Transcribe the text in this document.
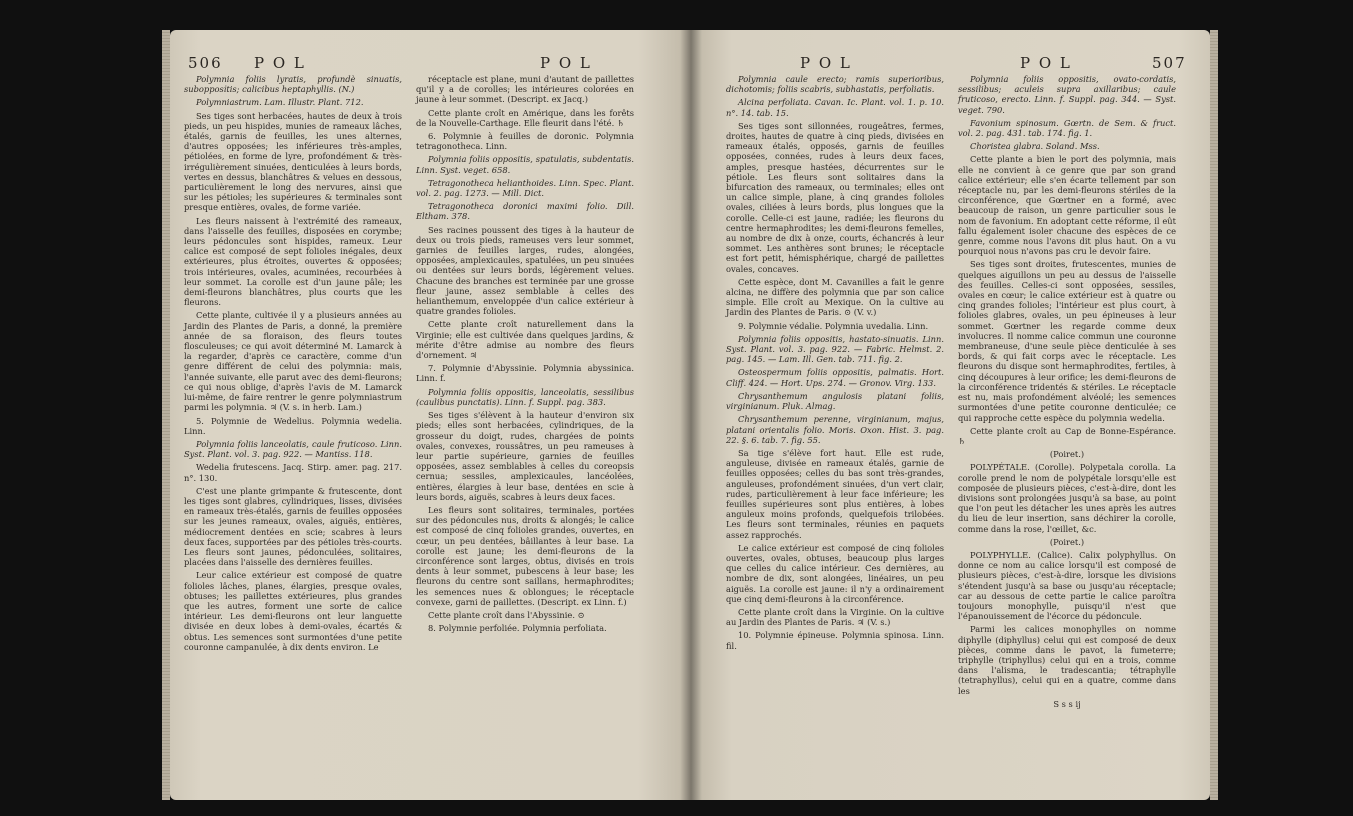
506 P O L	P O L

Polymnia foliis lyratis, profundè sinuatis, subopposi̇tis; calicibus heptaphyllis. (N.)

Polymniastrum. Lam. Illustr. Plant. 712.

Ses tiges sont herbacées, hautes de deux à trois pieds, un peu hispides, munies de rameaux lâches, étalés, garnis de feuilles, les unes alternes, d'autres opposées; les inférieures très-amples, pétiolées, en forme de lyre, profondément & très-irrégulièrement sinuées, denticulées à leurs bords, vertes en dessus, blanchâtres & velues en dessous, particulièrement le long des nervures, ainsi que sur les pétioles; les supérieures & terminales sont presque entières, ovales, de forme variée.

Les fleurs naissent à l'extrémité des rameaux, dans l'aisselle des feuilles, disposées en corymbe; leurs pédoncules sont hispides, rameux. Leur calice est composé de sept folioles inégales, deux extérieures, plus étroites, ouvertes & opposées; trois intérieures, ovales, acuminées, recourbées à leur sommet. La corolle est d'un jaune pâle; les demi-fleurons blanchâtres, plus courts que les fleurons.

Cette plante, cultivée il y a plusieurs années au Jardin des Plantes de Paris, a donné, la première année de sa floraison, des fleurs toutes flosculeuses; ce qui avoit déterminé M. Lamarck à la regarder, d'après ce caractère, comme d'un genre différent de celui des polymnia: mais, l'année suivante, elle parut avec des demi-fleurons; ce qui nous oblige, d'après l'avis de M. Lamarck lui-même, de faire rentrer le genre polymniastrum parmi les polymnia. ♃ (V. s. in herb. Lam.)

5. Polymnie de Wedelius. Polymnia wedelia. Linn.

Polymnia foliis lanceolatis, caule fruticoso. Linn. Syst. Plant. vol. 3. pag. 922. — Mantiss. 118.

Wedelia frutescens. Jacq. Stirp. amer. pag. 217. n°. 130.

C'est une plante grimpante & frutescente, dont les tiges sont glabres, cylindriques, lisses, divisées en rameaux très-étalés, garnis de feuilles opposées sur les jeunes rameaux, ovales, aiguës, entières, médiocrement dentées en scie; scabres à leurs deux faces, supportées par des pétioles très-courts. Les fleurs sont jaunes, pédonculées, solitaires, placées dans l'aisselle des dernières feuilles.

Leur calice extérieur est composé de quatre folioles lâches, planes, élargies, presque ovales, obtuses; les paillettes extérieures, plus grandes que les autres, forment une sorte de calice intérieur. Les demi-fleurons ont leur languette divisée en deux lobes à demi-ovales, écartés & obtus. Les semences sont surmontées d'une petite couronne campanulée, à dix dents environ. Le

réceptacle est plane, muni d'autant de paillettes qu'il y a de corolles; les intérieures colorées en jaune à leur sommet. (Descript. ex Jacq.)

Cette plante croît en Amérique, dans les forêts de la Nouvelle-Carthage. Elle fleurit dans l'été. ♄

6. Polymnie à feuilles de doronic. Polymnia tetragonotheca. Linn.

Polymnia foliis oppositis, spatulatis, subdentatis. Linn. Syst. veget. 658.

Tetragonotheca helianthoides. Linn. Spec. Plant. vol. 2. pag. 1273. — Mill. Dict.

Tetragonotheca doronici maximi folio. Dill. Eltham. 378.

Ses racines poussent des tiges à la hauteur de deux ou trois pieds, rameuses vers leur sommet, garnies de feuilles larges, rudes, alongées, opposées, amplexicaules, spatulées, un peu sinuées ou dentées sur leurs bords, légèrement velues. Chacune des branches est terminée par une grosse fleur jaune, assez semblable à celles des helianthemum, enveloppée d'un calice extérieur à quatre grandes folioles.

Cette plante croît naturellement dans la Virginie; elle est cultivée dans quelques jardins, & mérite d'être admise au nombre des fleurs d'ornement. ♃

7. Polymnie d'Abyssinie. Polymnia abyssinica. Linn. f.

Polymnia foliis oppositis, lanceolatis, sessilibus (caulibus punctatis). Linn. f. Suppl. pag. 383.

Ses tiges s'élèvent à la hauteur d'environ six pieds; elles sont herbacées, cylindriques, de la grosseur du doigt, rudes, chargées de points ovales, convexes, roussâtres, un peu rameuses à leur partie supérieure, garnies de feuilles opposées, assez semblables à celles du coreopsis cernua; sessiles, amplexicaules, lancéolées, entières, élargies à leur base, dentées en scie à leurs bords, aiguës, scabres à leurs deux faces.

Les fleurs sont solitaires, terminales, portées sur des pédoncules nus, droits & alongés; le calice est composé de cinq folioles grandes, ouvertes, en cœur, un peu dentées, bâillantes à leur base. La corolle est jaune; les demi-fleurons de la circonférence sont larges, obtus, divisés en trois dents à leur sommet, pubescens à leur base; les fleurons du centre sont saillans, hermaphrodites; les semences nues & oblongues; le réceptacle convexe, garni de paillettes. (Descript. ex Linn. f.)

Cette plante croît dans l'Abyssinie. ⊙

8. Polymnie perfoliée. Polymnia perfoliata.

P O L	P O L	507

Polymnia caule erecto; ramis superioribus, dichotomis; foliis scabris, subhastatis, perfoliatis.

Alcina perfoliata. Cavan. Ic. Plant. vol. 1. p. 10. n°. 14. tab. 15.

Ses tiges sont sillonnées, rougeâtres, fermes, droites, hautes de quatre à cinq pieds, divisées en rameaux étalés, opposés, garnis de feuilles opposées, connées, rudes à leurs deux faces, amples, presque hastées, décurrentes sur le pétiole. Les fleurs sont solitaires dans la bifurcation des rameaux, ou terminales; elles ont un calice simple, plane, à cinq grandes folioles ovales, ciliées à leurs bords, plus longues que la corolle. Celle-ci est jaune, radiée; les fleurons du centre hermaphrodites; les demi-fleurons femelles, au nombre de dix à onze, courts, échancrés à leur sommet. Les anthères sont brunes; le réceptacle est fort petit, hémisphérique, chargé de paillettes ovales, concaves.

Cette espèce, dont M. Cavanilles a fait le genre alcina, ne diffère des polymnia que par son calice simple. Elle croît au Mexique. On la cultive au Jardin des Plantes de Paris. ⊙ (V. v.)

9. Polymnie védalie. Polymnia uvedalia. Linn.

Polymnia foliis oppositis, hastato-sinuatis. Linn. Syst. Plant. vol. 3. pag. 922. — Fabric. Helmst. 2. pag. 145. — Lam. Ill. Gen. tab. 711. fig. 2.

Osteospermum foliis oppositis, palmatis. Hort. Cliff. 424. — Hort. Ups. 274. — Gronov. Virg. 133.

Chrysanthemum angulosis platani foliis, virginianum. Pluk. Almag.

Chrysanthemum perenne, virginianum, majus, platani orientalis folio. Moris. Oxon. Hist. 3. pag. 22. §. 6. tab. 7. fig. 55.

Sa tige s'élève fort haut. Elle est rude, anguleuse, divisée en rameaux étalés, garnie de feuilles opposées; celles du bas sont très-grandes, anguleuses, profondément sinuées, d'un vert clair, rudes, particulièrement à leur face inférieure; les feuilles supérieures sont plus entières, à lobes anguleux moins profonds, quelquefois trilobées. Les fleurs sont terminales, réunies en paquets assez rapprochés.

Le calice extérieur est composé de cinq folioles ouvertes, ovales, obtuses, beaucoup plus larges que celles du calice intérieur. Ces dernières, au nombre de dix, sont alongées, linéaires, un peu aiguës. La corolle est jaune: il n'y a ordinairement que cinq demi-fleurons à la circonférence.

Cette plante croît dans la Virginie. On la cultive au Jardin des Plantes de Paris. ♃ (V. s.)

10. Polymnie épineuse. Polymnia spinosa. Linn. fil.

Polymnia foliis oppositis, ovato-cordatis, sessilibus; aculeis supra axillaribus; caule fruticoso, erecto. Linn. f. Suppl. pag. 344. — Syst. veget. 790.

Favonium spinosum. Gœrtn. de Sem. & fruct. vol. 2. pag. 431. tab. 174. fig. 1.

Choristea glabra. Soland. Mss.

Cette plante a bien le port des polymnia, mais elle ne convient à ce genre que par son grand calice extérieur; elle s'en écarte tellement par son réceptacle nu, par les demi-fleurons stériles de la circonférence, que Gœrtner en a formé, avec beaucoup de raison, un genre particulier sous le nom de favonium. En adoptant cette réforme, il eût fallu également isoler chacune des espèces de ce genre, comme nous l'avons dit plus haut. On a vu pourquoi nous n'avons pas cru le devoir faire.

Ses tiges sont droites, frutescentes, munies de quelques aiguillons un peu au dessus de l'aisselle des feuilles. Celles-ci sont opposées, sessiles, ovales en cœur; le calice extérieur est à quatre ou cinq grandes folioles; l'intérieur est plus court, à folioles glabres, ovales, un peu épineuses à leur sommet. Gœrtner les regarde comme deux involucres. Il nomme calice commun une couronne membraneuse, d'une seule pièce denticulée à ses bords, & qui fait corps avec le réceptacle. Les fleurons du disque sont hermaphrodites, fertiles, à cinq découpures à leur orifice; les demi-fleurons de la circonférence tridentés & stériles. Le réceptacle est nu, mais profondément alvéolé; les semences surmontées d'une petite couronne denticulée; ce qui rapproche cette espèce du polymnia wedelia.

Cette plante croît au Cap de Bonne-Espérance. ♄

(Poiret.)

POLYPÉTALE. (Corolle). Polypetala corolla. La corolle prend le nom de polypétale lorsqu'elle est composée de plusieurs pièces, c'est-à-dire, dont les divisions sont prolongées jusqu'à sa base, au point que l'on peut les détacher les unes après les autres du lieu de leur insertion, sans déchirer la corolle, comme dans la rose, l'œillet, &c.

(Poiret.)

POLYPHYLLE. (Calice). Calix polyphyllus. On donne ce nom au calice lorsqu'il est composé de plusieurs pièces, c'est-à-dire, lorsque les divisions s'étendent jusqu'à sa base ou jusqu'au réceptacle; car au dessous de cette partie le calice paroîtra toujours monophylle, puisqu'il n'est que l'épanouissement de l'écorce du pédoncule.

Parmi les calices monophylles on nomme diphylle (diphyllus) celui qui est composé de deux pièces, comme dans le pavot, la fumeterre; triphylle (triphyllus) celui qui en a trois, comme dans l'alisma, le tradescantia; tétraphylle (tetraphyllus), celui qui en a quatre, comme dans les

S s s ij
